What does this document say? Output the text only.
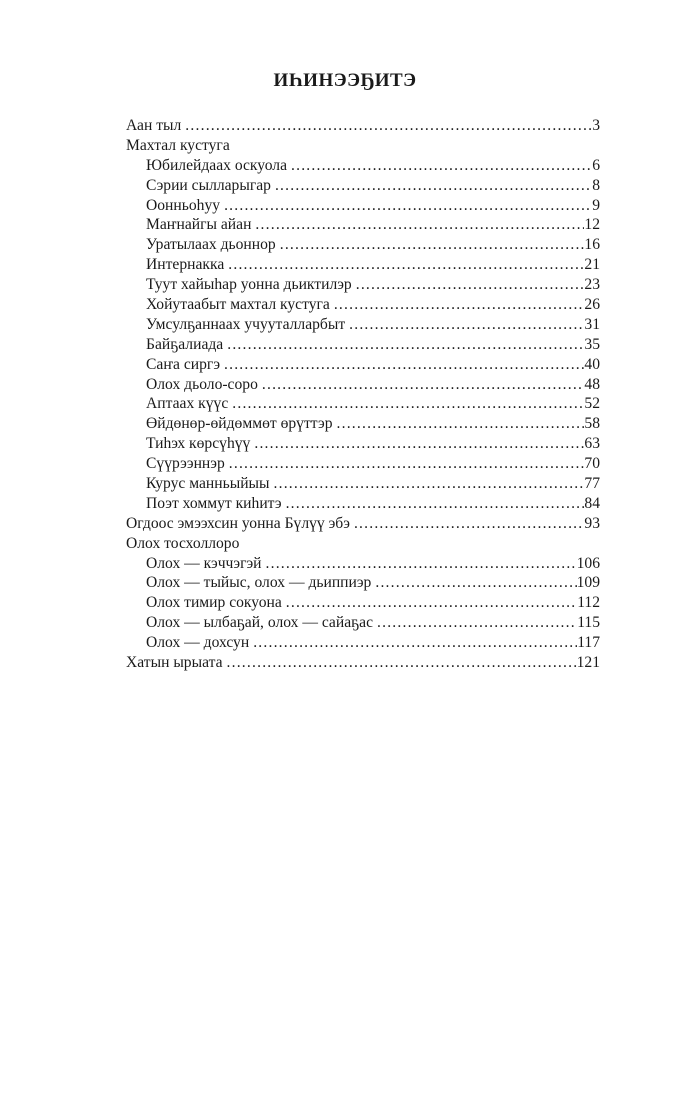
ИҺИНЭЭҔИТЭ
Аан тыл .....	3
Махтал кустуга
Юбилейдаах оскуола .....	6
Сэрии сылларыгар .....	8
Оонньоһуу .....	9
Маҥнайгы айан .....	12
Уратылаах дьоннор .....	16
Интернакка .....	21
Туут хайыһар уонна дьиктилэр .....	23
Хойутаабыт махтал кустуга .....	26
Умсулҕаннаах учууталларбыт .....	31
Байҕалиада .....	35
Саҥа сиргэ .....	40
Олох дьоло-соро .....	48
Аптаах күүс .....	52
Өйдөнөр-өйдөммөт өрүттэр .....	58
Тиһэх көрсүһүү .....	63
Сүүрээннэр .....	70
Курус манньыйыы .....	77
Поэт хоммут киһитэ .....	84
Огдоос эмээхсин уонна Бүлүү эбэ .....	93
Олох тосхоллоро
Олох — кэччэгэй .....	106
Олох — тыйыс, олох — дьиппиэр .....	109
Олох тимир сокуона .....	112
Олох — ылбаҕай, олох — сайаҕас .....	115
Олох — дохсун .....	117
Хатын ырыата .....	121
